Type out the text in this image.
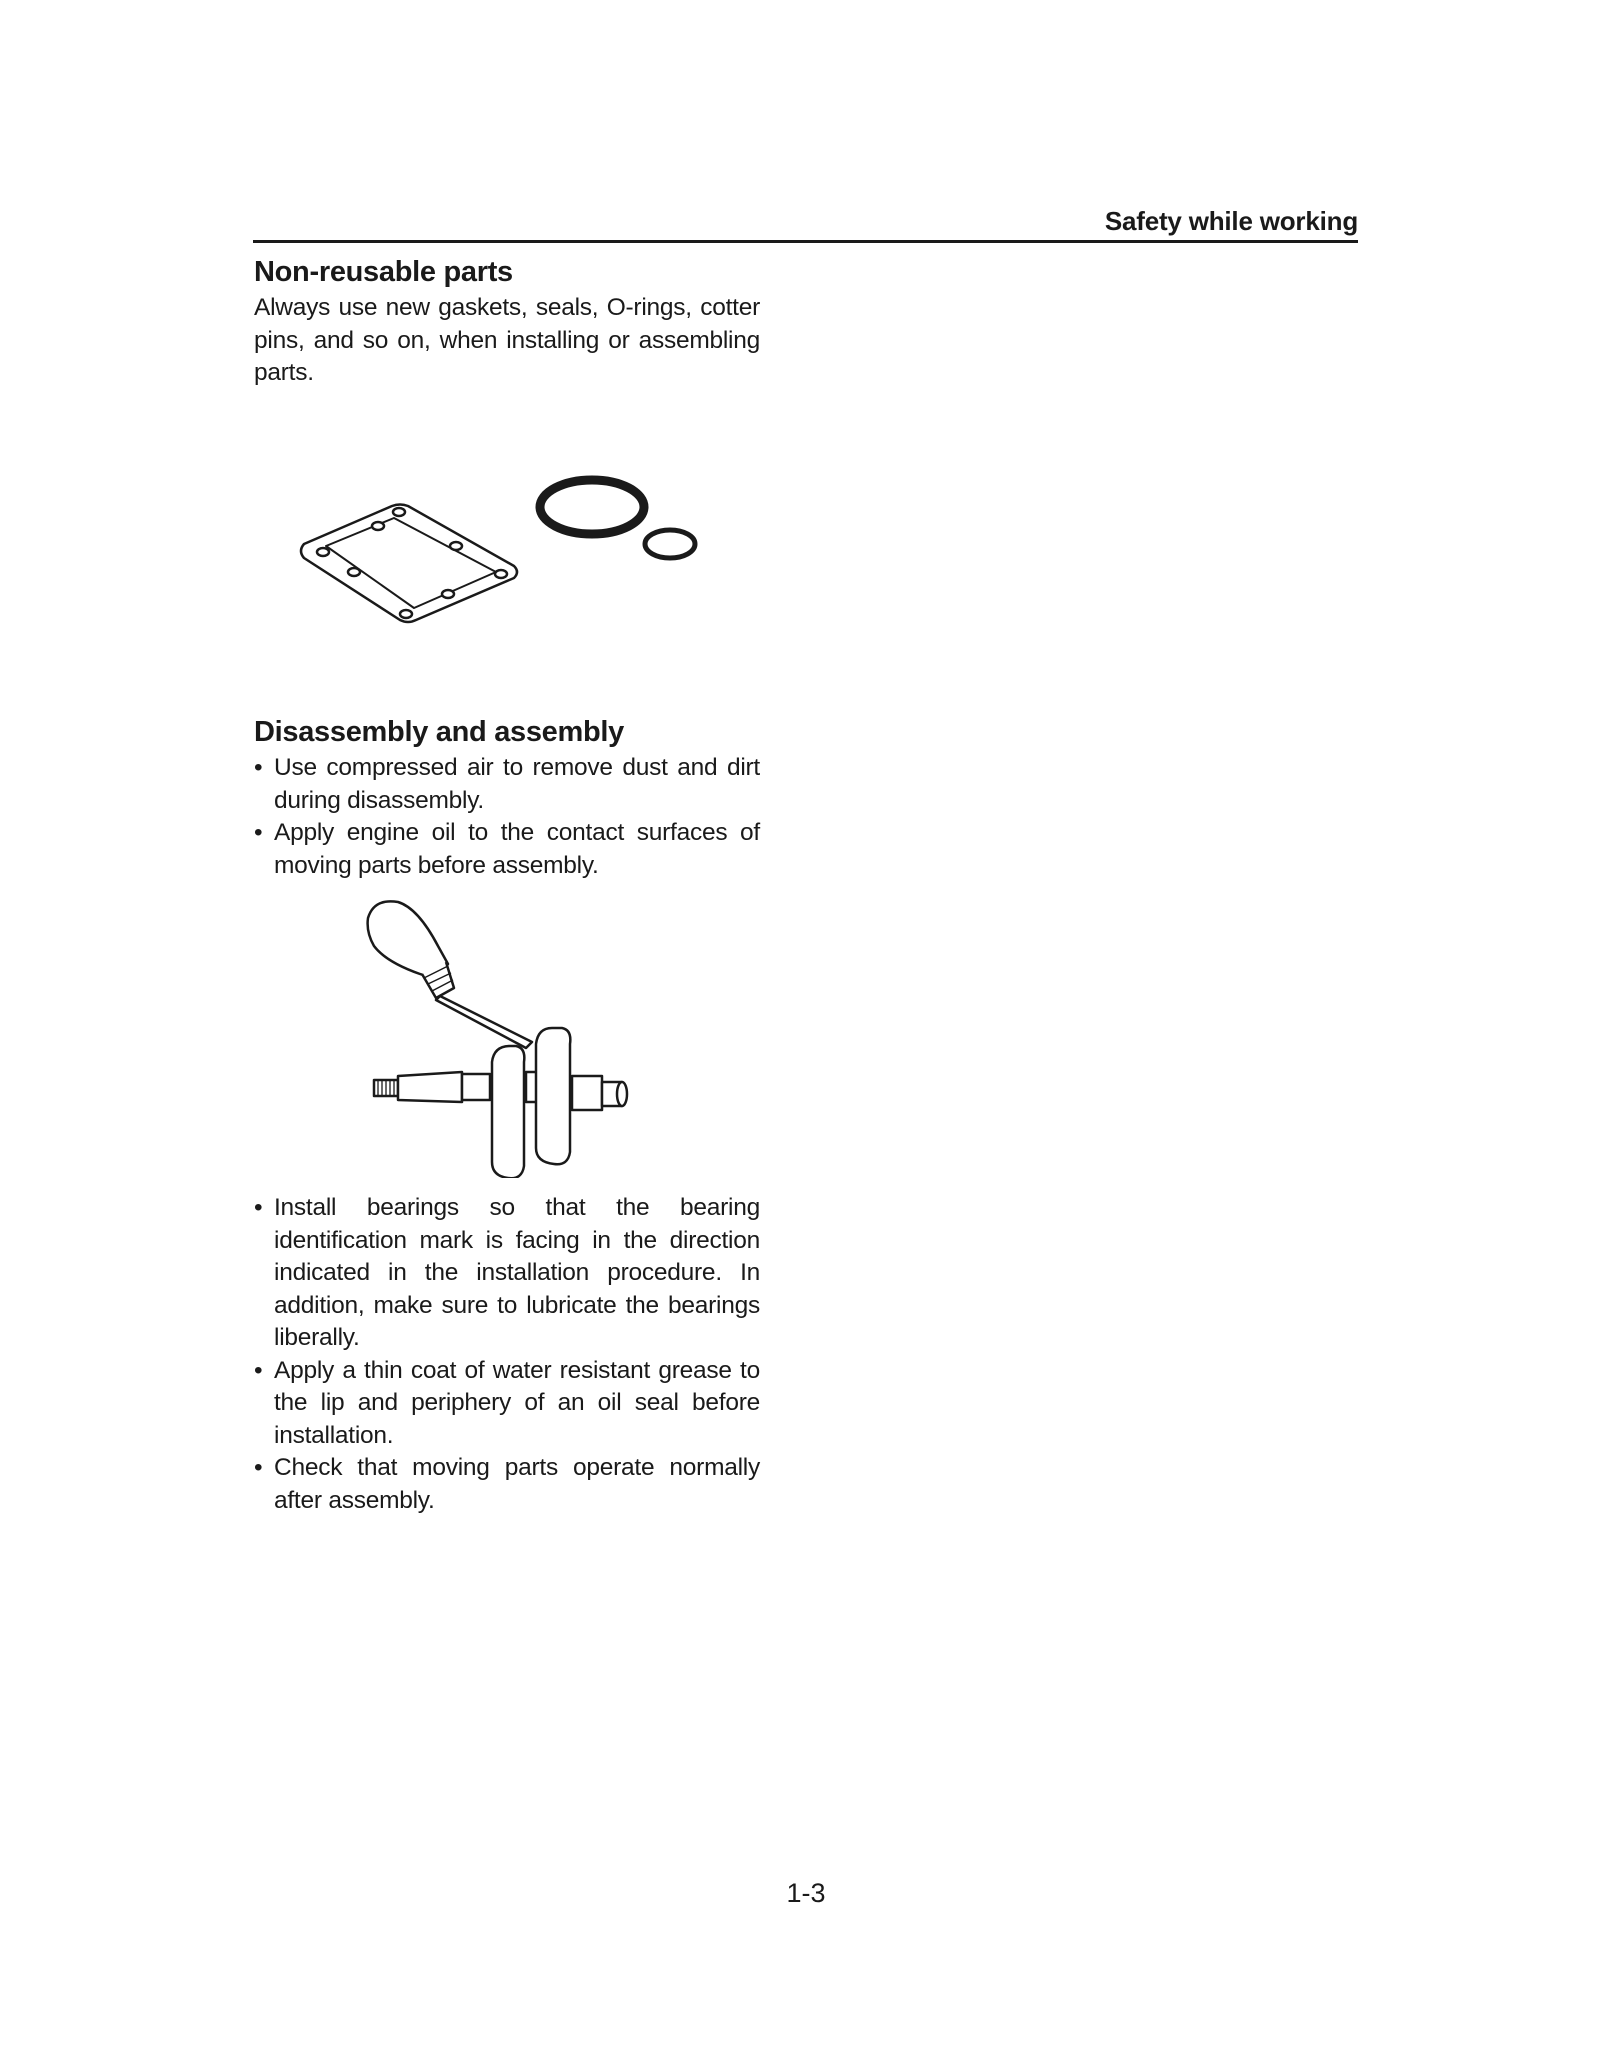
Safety while working
Non-reusable parts

Always use new gaskets, seals, O-rings, cotter pins, and so on, when installing or assembling parts.

Disassembly and assembly
• Use compressed air to remove dust and dirt during disassembly.
• Apply engine oil to the contact surfaces of moving parts before assembly.
• Install bearings so that the bearing identification mark is facing in the direction indicated in the installation procedure. In addition, make sure to lubricate the bearings liberally.
• Apply a thin coat of water resistant grease to the lip and periphery of an oil seal before installation.
• Check that moving parts operate normally after assembly.
1-3
